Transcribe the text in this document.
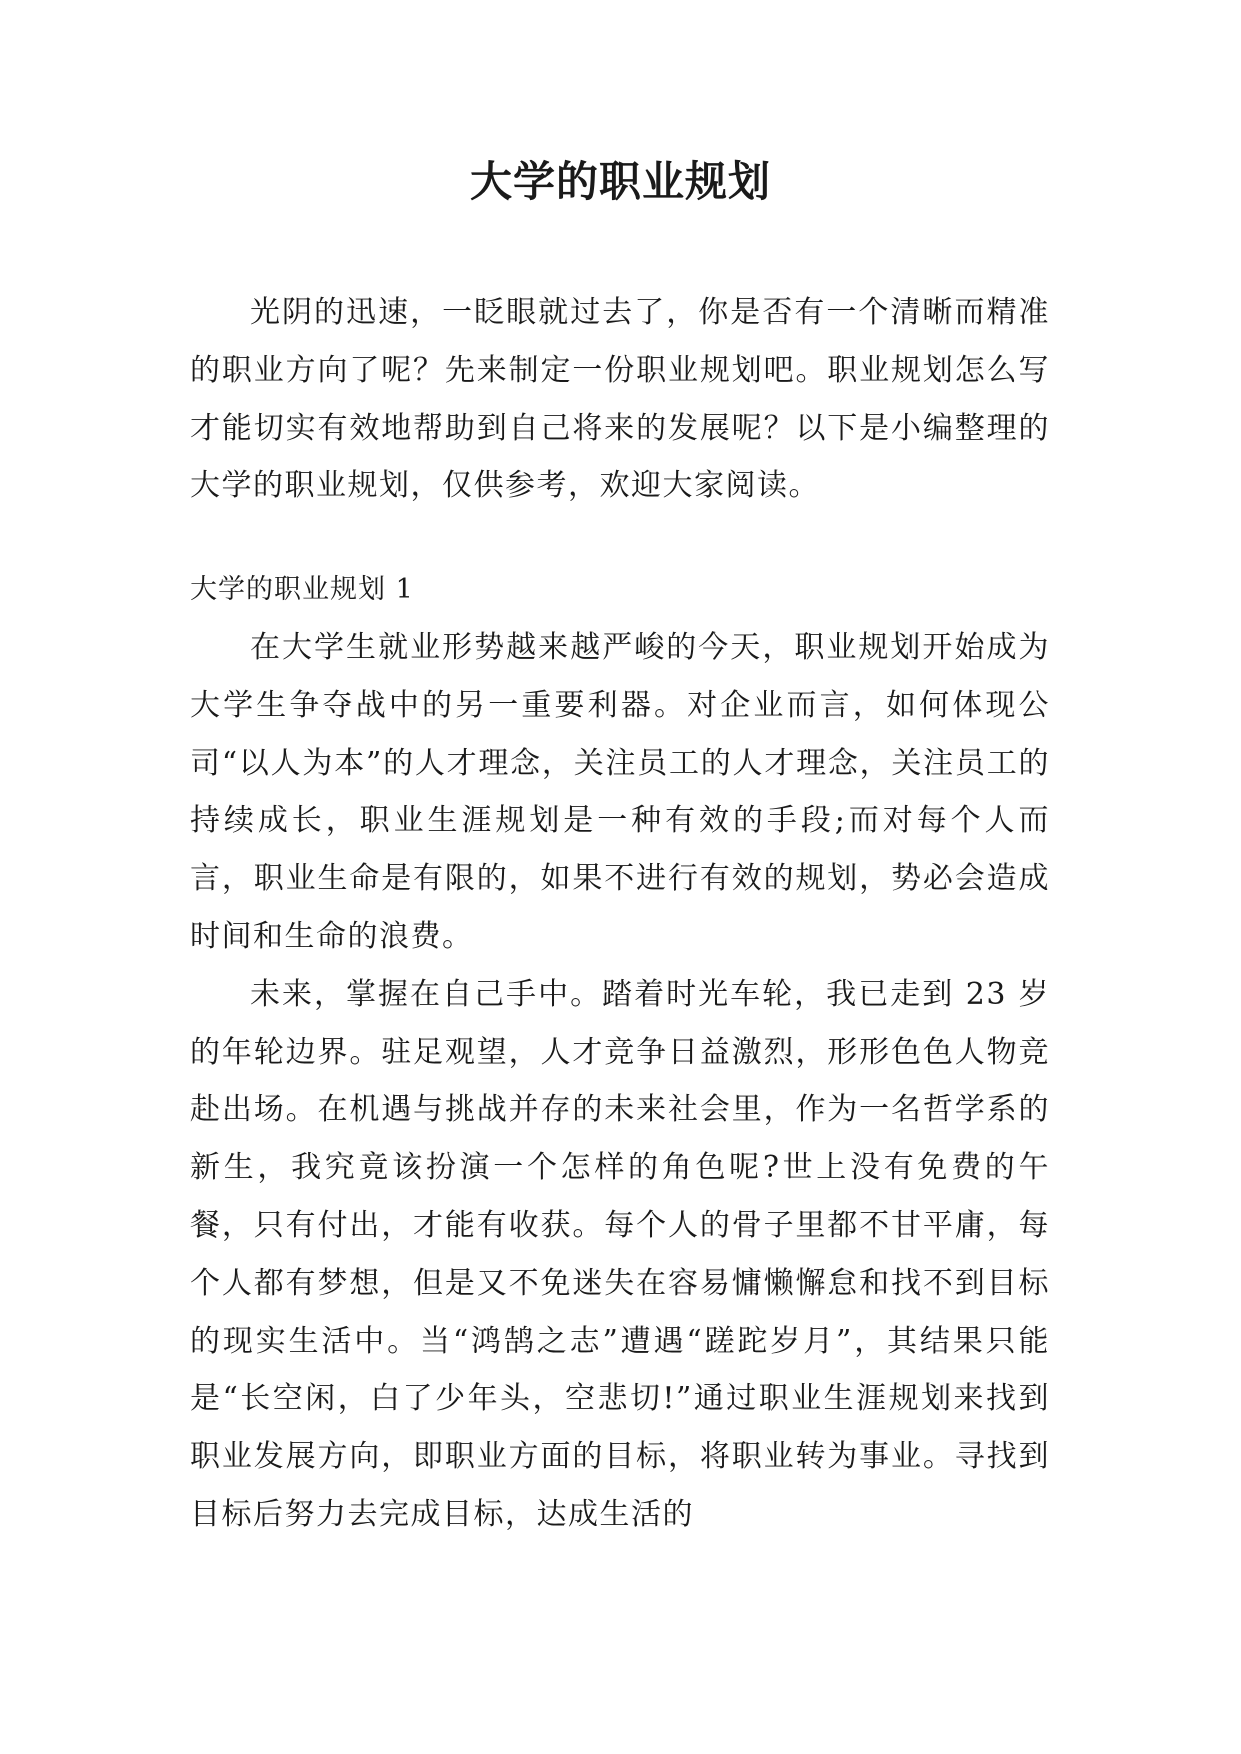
大学的职业规划

光阴的迅速，一眨眼就过去了，你是否有一个清晰而精准的职业方向了呢？先来制定一份职业规划吧。职业规划怎么写才能切实有效地帮助到自己将来的发展呢？以下是小编整理的大学的职业规划，仅供参考，欢迎大家阅读。

大学的职业规划 1

在大学生就业形势越来越严峻的今天，职业规划开始成为大学生争夺战中的另一重要利器。对企业而言，如何体现公司“以人为本”的人才理念，关注员工的人才理念，关注员工的持续成长，职业生涯规划是一种有效的手段;而对每个人而言，职业生命是有限的，如果不进行有效的规划，势必会造成时间和生命的浪费。

未来，掌握在自己手中。踏着时光车轮，我已走到 23 岁的年轮边界。驻足观望，人才竞争日益激烈，形形色色人物竞赴出场。在机遇与挑战并存的未来社会里，作为一名哲学系的新生，我究竟该扮演一个怎样的角色呢?世上没有免费的午餐，只有付出，才能有收获。每个人的骨子里都不甘平庸，每个人都有梦想，但是又不免迷失在容易慵懒懈怠和找不到目标的现实生活中。当“鸿鹄之志”遭遇“蹉跎岁月”，其结果只能是“长空闲，白了少年头，空悲切!”通过职业生涯规划来找到职业发展方向，即职业方面的目标，将职业转为事业。寻找到目标后努力去完成目标，达成生活的
